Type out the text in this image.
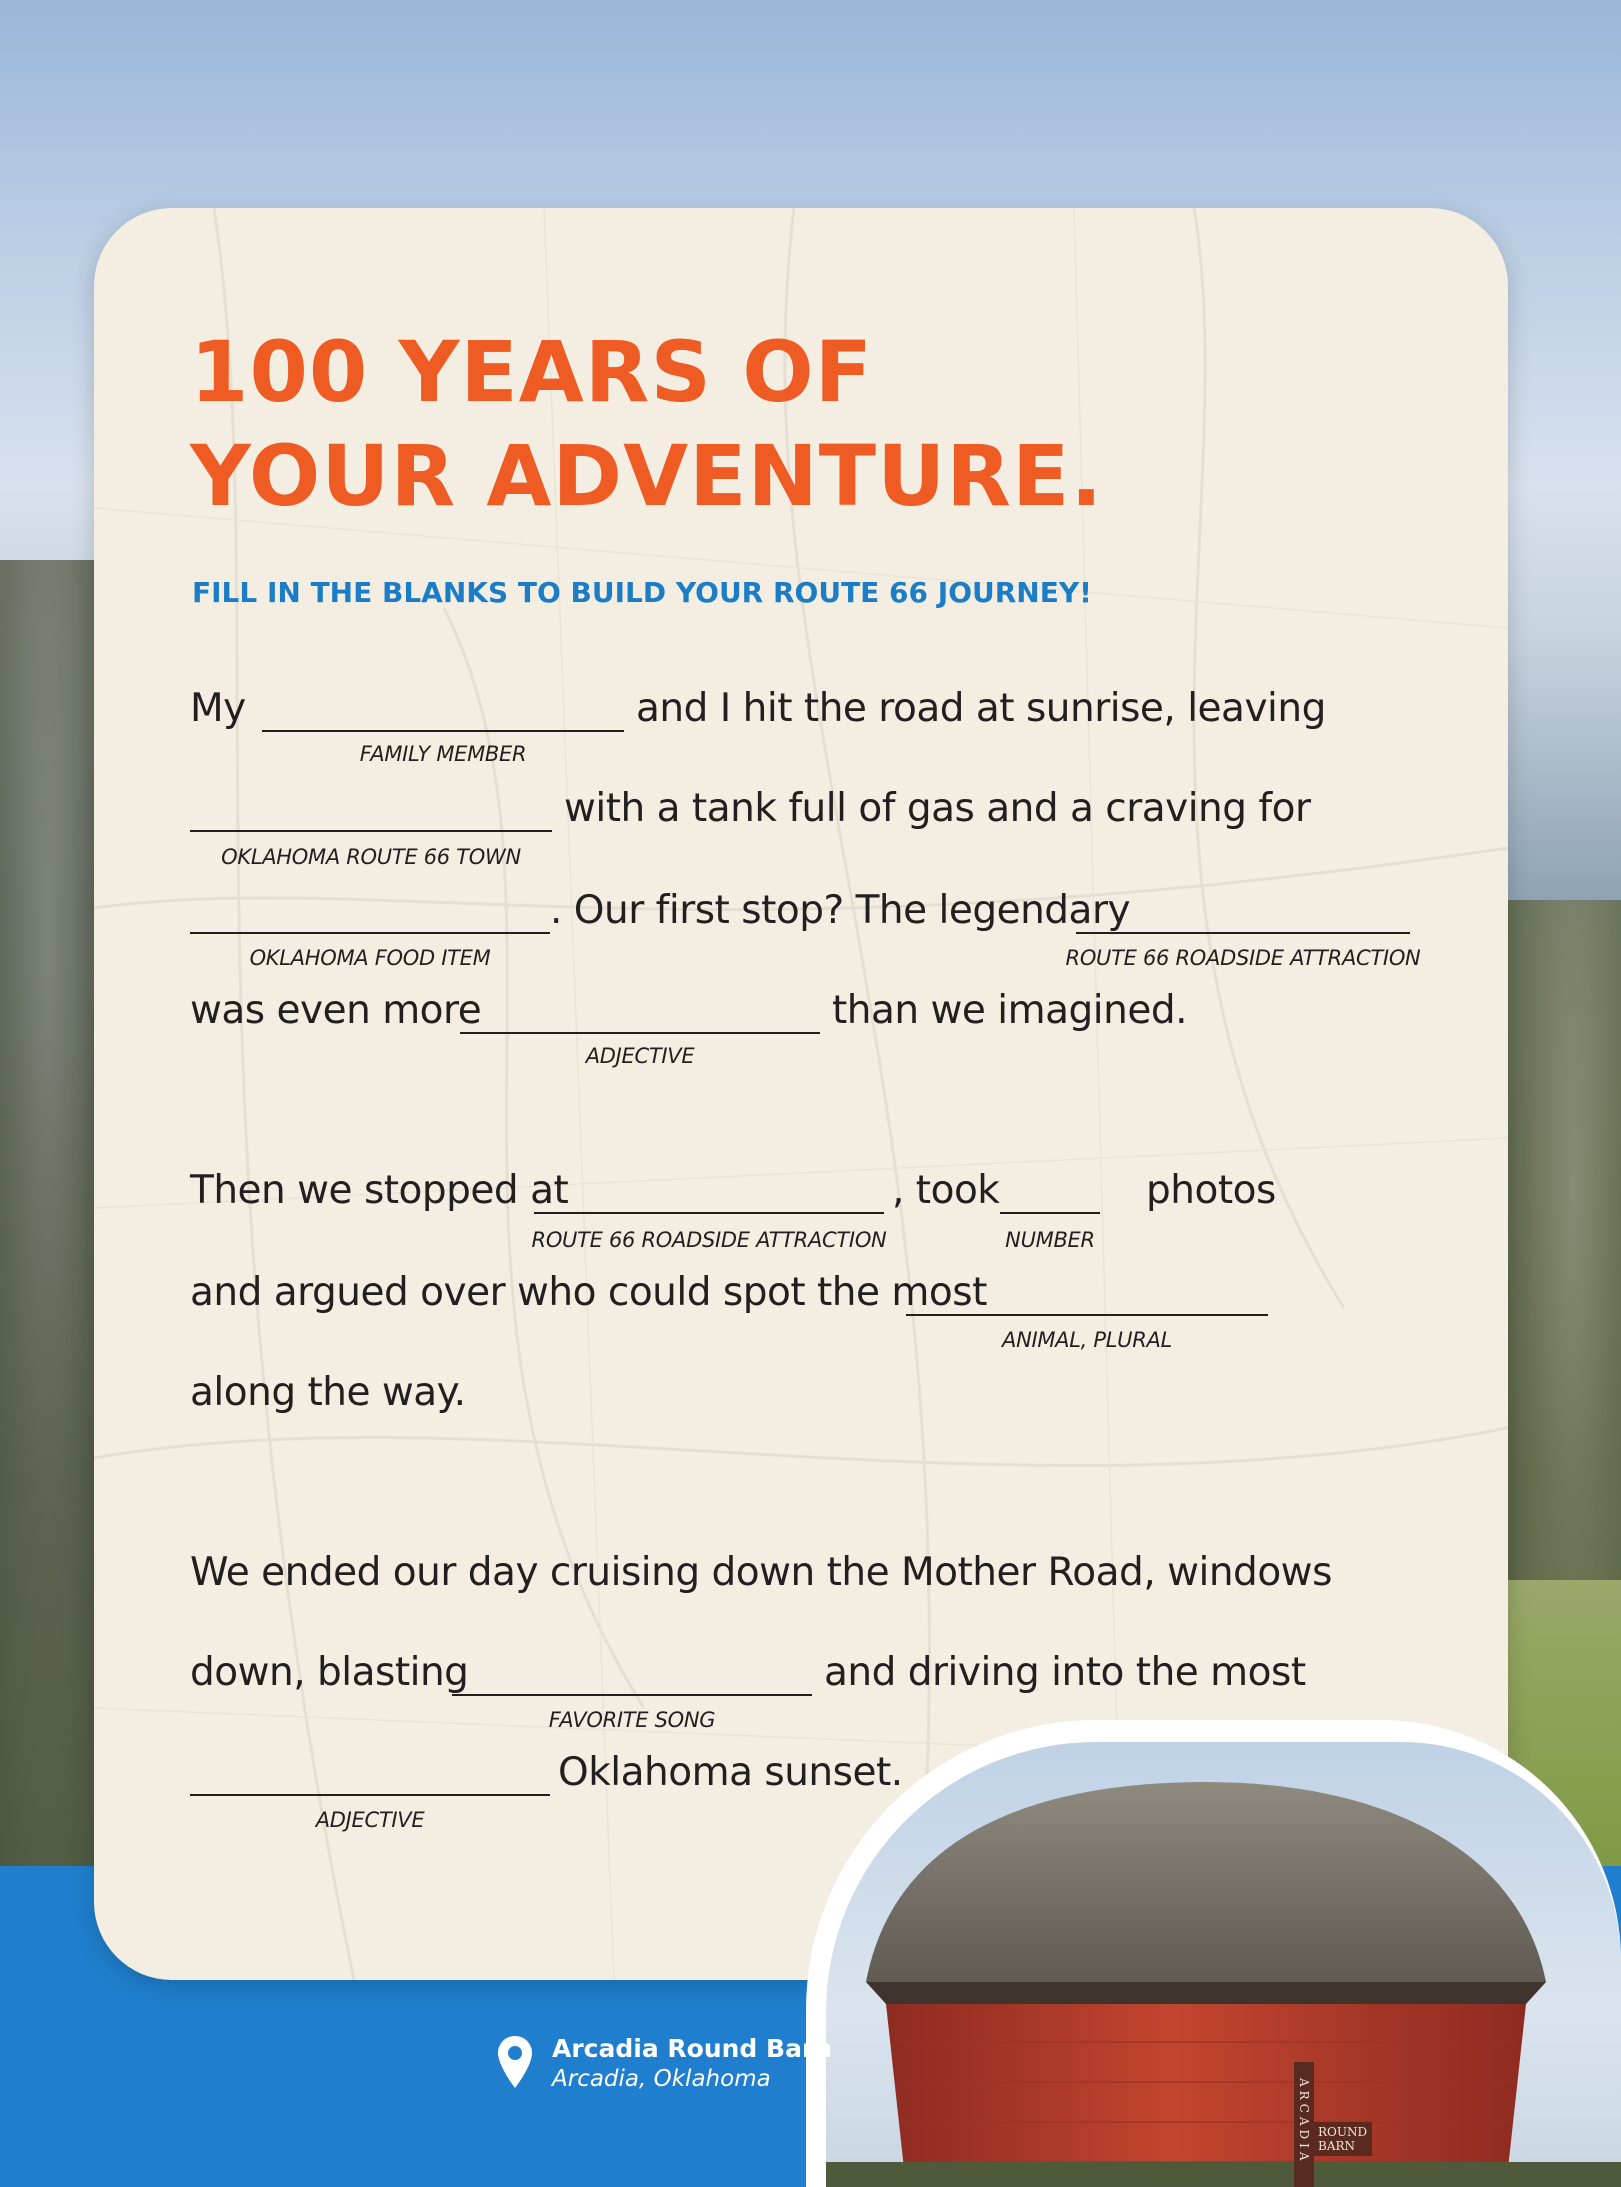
100 YEARS OF
YOUR ADVENTURE.
FILL IN THE BLANKS TO BUILD YOUR ROUTE 66 JOURNEY!
My	and I hit the road at sunrise, leaving
FAMILY MEMBER
with a tank full of gas and a craving for
OKLAHOMA ROUTE 66 TOWN
. Our first stop? The legendary
OKLAHOMA FOOD ITEM	ROUTE 66 ROADSIDE ATTRACTION
was even more	than we imagined.
ADJECTIVE
Then we stopped at	, took	photos
ROUTE 66 ROADSIDE ATTRACTION	NUMBER
and argued over who could spot the most
ANIMAL, PLURAL
along the way.
We ended our day cruising down the Mother Road, windows
down, blasting	and driving into the most
FAVORITE SONG
Oklahoma sunset.
ADJECTIVE
ARCADIA ROUND
BARN
Arcadia Round Barn
Arcadia, Oklahoma
